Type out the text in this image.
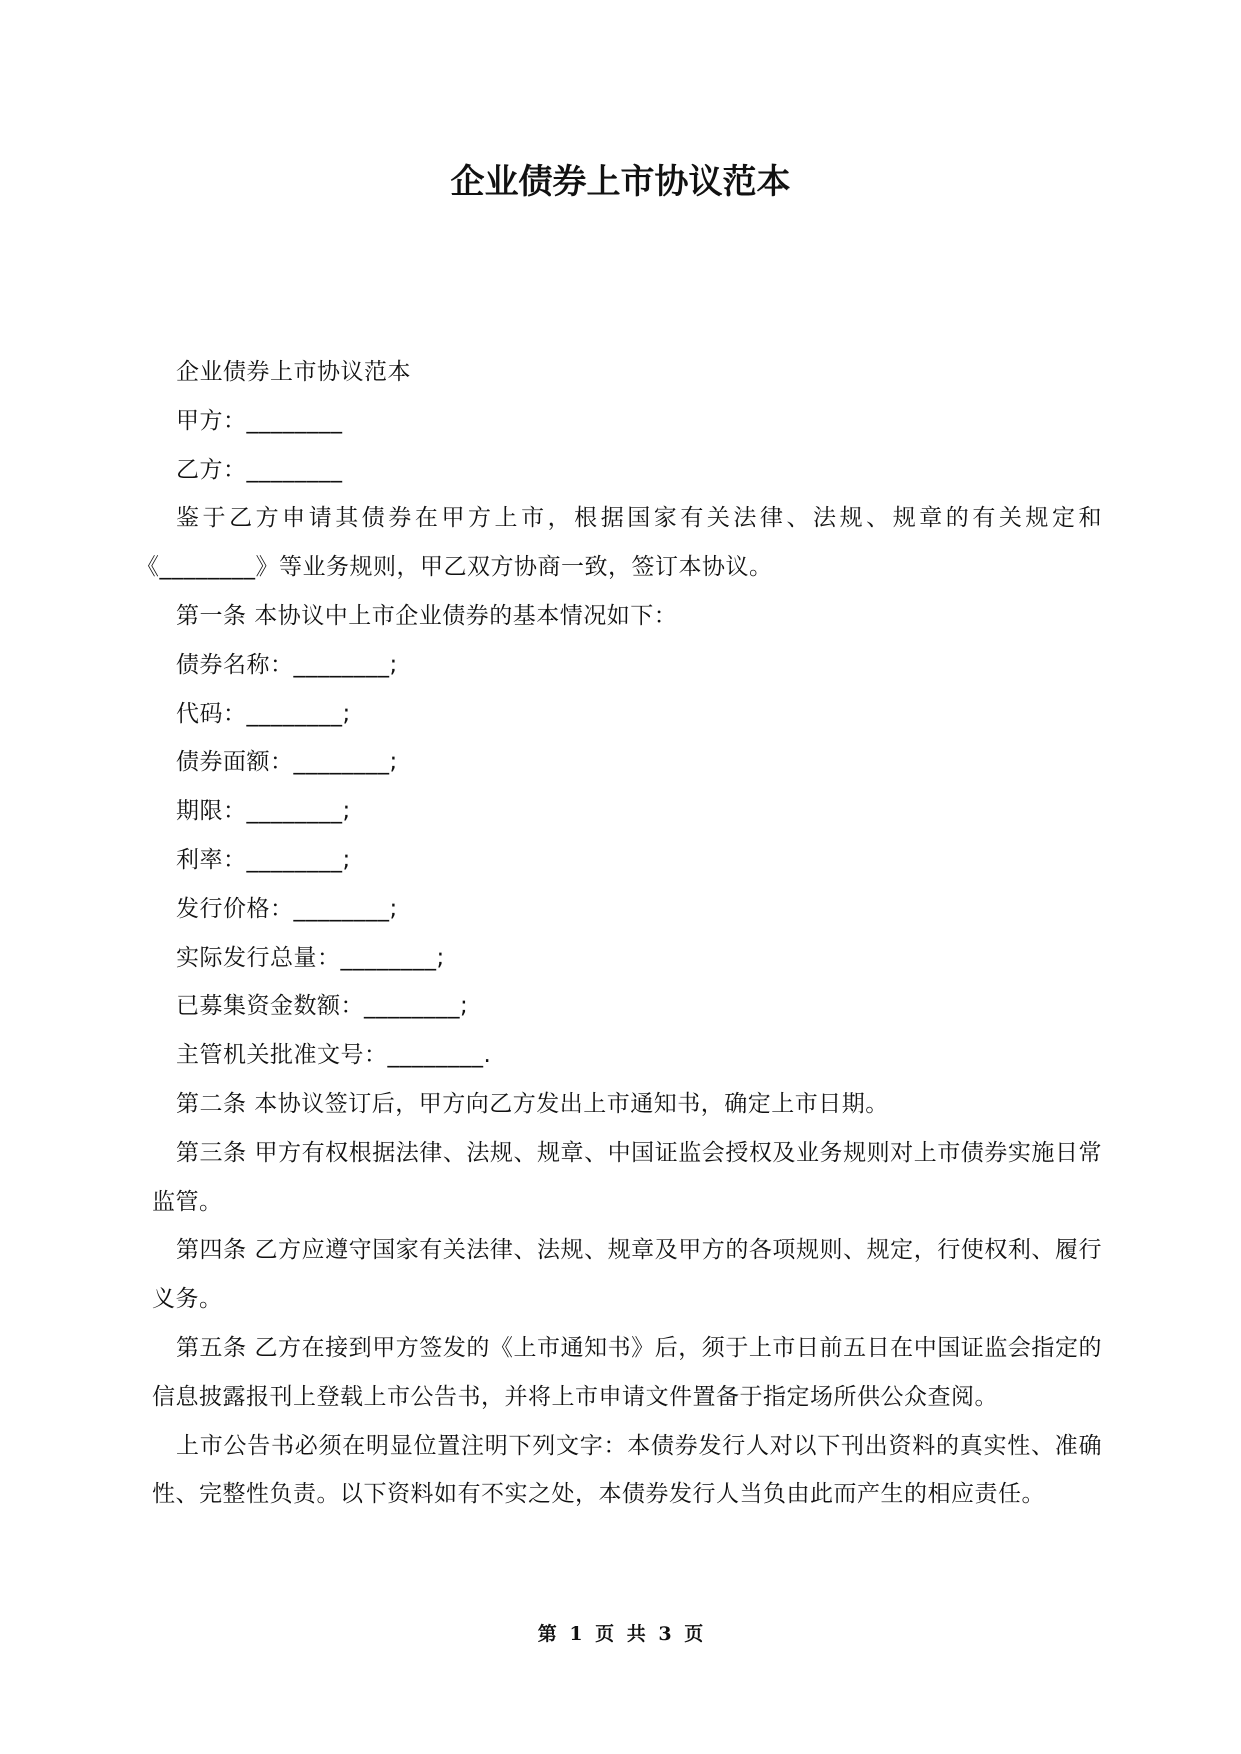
企业债券上市协议范本

企业债券上市协议范本

甲方：________

乙方：________

鉴于乙方申请其债券在甲方上市，根据国家有关法律、法规、规章的有关规定和《________》等业务规则，甲乙双方协商一致，签订本协议。

第一条 本协议中上市企业债券的基本情况如下：

债券名称：________;

代码：________;

债券面额：________;

期限：________;

利率：________;

发行价格：________;

实际发行总量：________;

已募集资金数额：________;

主管机关批准文号：________.

第二条 本协议签订后，甲方向乙方发出上市通知书，确定上市日期。

第三条 甲方有权根据法律、法规、规章、中国证监会授权及业务规则对上市债券实施日常监管。

第四条 乙方应遵守国家有关法律、法规、规章及甲方的各项规则、规定，行使权利、履行义务。

第五条 乙方在接到甲方签发的《上市通知书》后，须于上市日前五日在中国证监会指定的信息披露报刊上登载上市公告书，并将上市申请文件置备于指定场所供公众查阅。

上市公告书必须在明显位置注明下列文字：本债券发行人对以下刊出资料的真实性、准确性、完整性负责。以下资料如有不实之处，本债券发行人当负由此而产生的相应责任。

第 1 页 共 3 页
